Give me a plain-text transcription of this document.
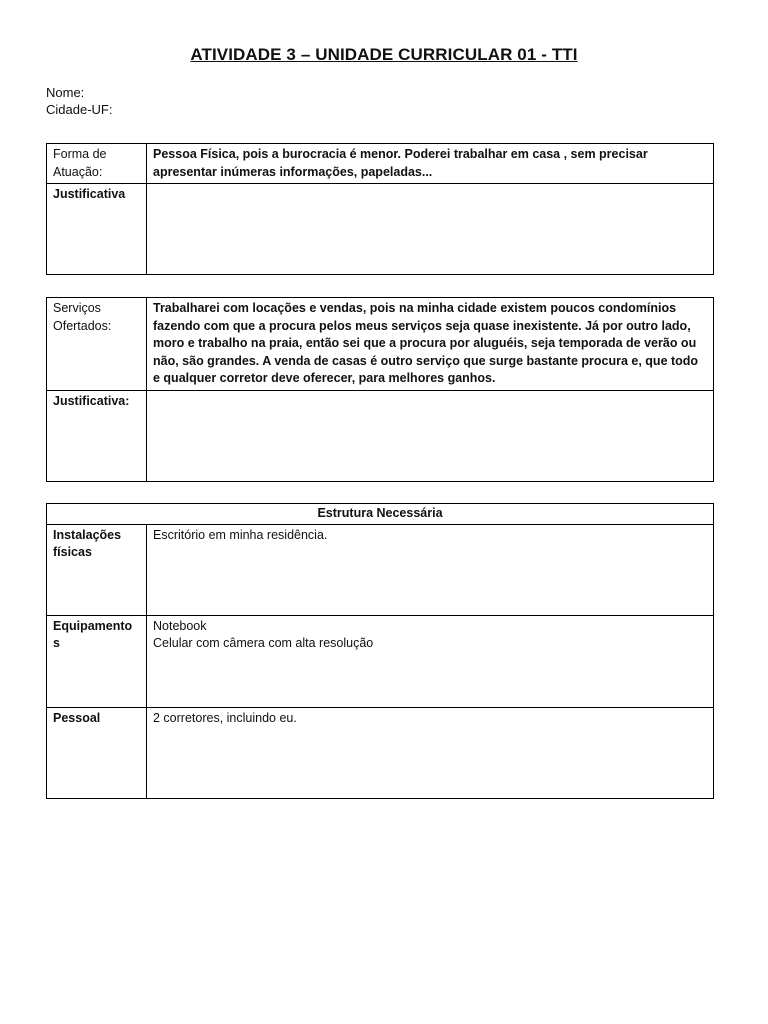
ATIVIDADE 3 – UNIDADE CURRICULAR 01 - TTI
Nome:
Cidade-UF:
Forma de Atuação:	Pessoa Física, pois a burocracia é menor. Poderei trabalhar em casa , sem precisar apresentar inúmeras informações, papeladas...
Justificativa	
Serviços Ofertados:	Trabalharei com locações e vendas, pois na minha cidade existem poucos condomínios fazendo com que a procura pelos meus serviços seja quase inexistente. Já por outro lado, moro e trabalho na praia, então sei que a procura por aluguéis, seja temporada de verão ou não, são grandes. A venda de casas é outro serviço que surge bastante procura e, que todo e qualquer corretor deve oferecer, para melhores ganhos.
Justificativa:	
Estrutura Necessária	
Instalações físicas	Escritório em minha residência.
Equipamento s	Notebook
Celular com câmera com alta resolução
Pessoal	2 corretores, incluindo eu.
